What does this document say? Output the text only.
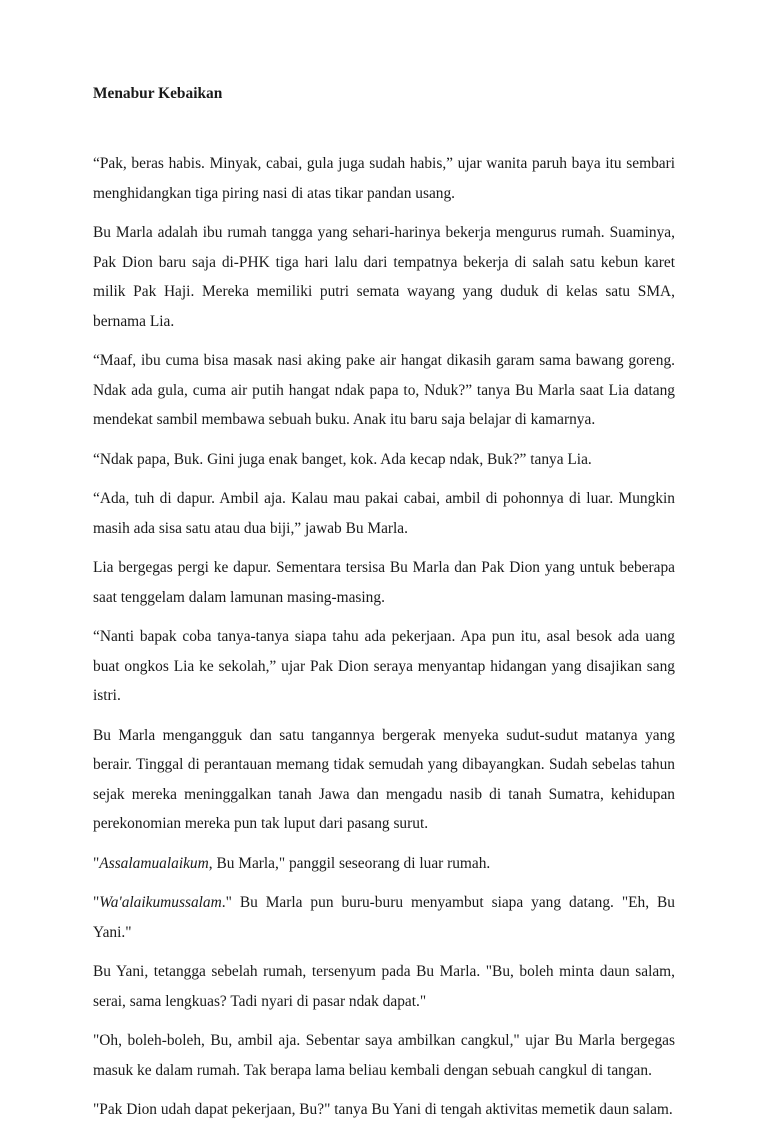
Menabur Kebaikan

“Pak, beras habis. Minyak, cabai, gula juga sudah habis,” ujar wanita paruh baya itu sembari menghidangkan tiga piring nasi di atas tikar pandan usang.

Bu Marla adalah ibu rumah tangga yang sehari-harinya bekerja mengurus rumah. Suaminya, Pak Dion baru saja di-PHK tiga hari lalu dari tempatnya bekerja di salah satu kebun karet milik Pak Haji. Mereka memiliki putri semata wayang yang duduk di kelas satu SMA, bernama Lia.

“Maaf, ibu cuma bisa masak nasi aking pake air hangat dikasih garam sama bawang goreng. Ndak ada gula, cuma air putih hangat ndak papa to, Nduk?” tanya Bu Marla saat Lia datang mendekat sambil membawa sebuah buku. Anak itu baru saja belajar di kamarnya.

“Ndak papa, Buk. Gini juga enak banget, kok. Ada kecap ndak, Buk?” tanya Lia.

“Ada, tuh di dapur. Ambil aja. Kalau mau pakai cabai, ambil di pohonnya di luar. Mungkin masih ada sisa satu atau dua biji,” jawab Bu Marla.

Lia bergegas pergi ke dapur. Sementara tersisa Bu Marla dan Pak Dion yang untuk beberapa saat tenggelam dalam lamunan masing-masing.

“Nanti bapak coba tanya-tanya siapa tahu ada pekerjaan. Apa pun itu, asal besok ada uang buat ongkos Lia ke sekolah,” ujar Pak Dion seraya menyantap hidangan yang disajikan sang istri.

Bu Marla mengangguk dan satu tangannya bergerak menyeka sudut-sudut matanya yang berair. Tinggal di perantauan memang tidak semudah yang dibayangkan. Sudah sebelas tahun sejak mereka meninggalkan tanah Jawa dan mengadu nasib di tanah Sumatra, kehidupan perekonomian mereka pun tak luput dari pasang surut.

"Assalamualaikum, Bu Marla," panggil seseorang di luar rumah.

"Wa'alaikumussalam." Bu Marla pun buru-buru menyambut siapa yang datang. "Eh, Bu Yani."

Bu Yani, tetangga sebelah rumah, tersenyum pada Bu Marla. "Bu, boleh minta daun salam, serai, sama lengkuas? Tadi nyari di pasar ndak dapat."

"Oh, boleh-boleh, Bu, ambil aja. Sebentar saya ambilkan cangkul," ujar Bu Marla bergegas masuk ke dalam rumah. Tak berapa lama beliau kembali dengan sebuah cangkul di tangan.

"Pak Dion udah dapat pekerjaan, Bu?" tanya Bu Yani di tengah aktivitas memetik daun salam.
